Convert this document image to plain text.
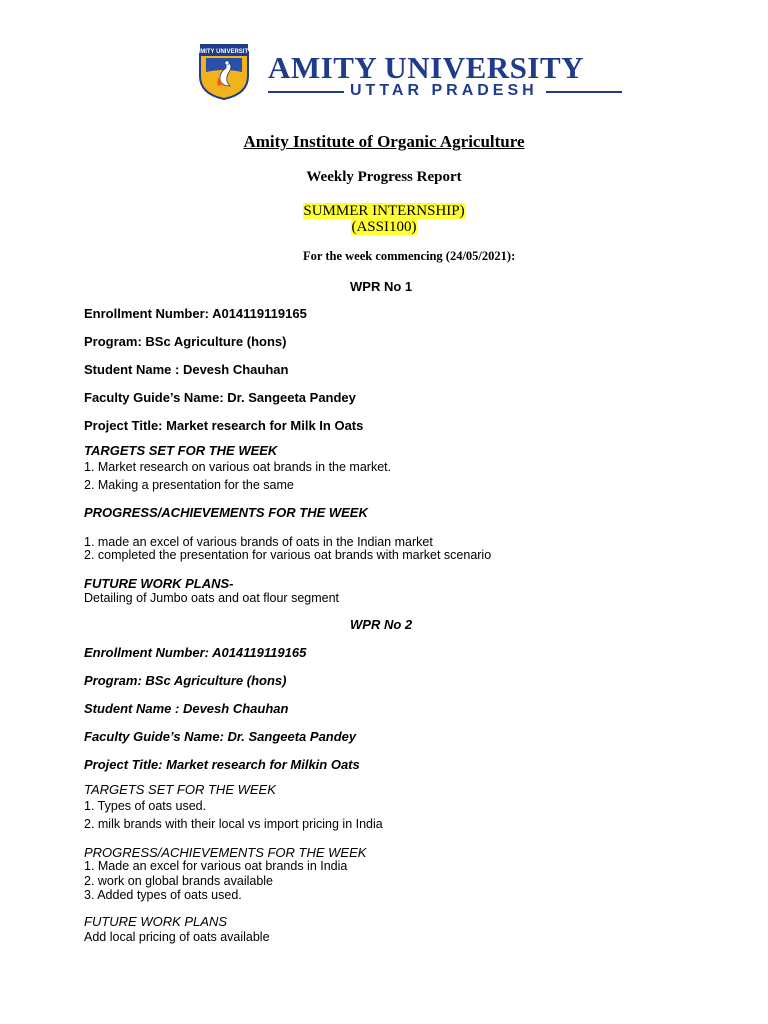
AMITY UNIVERSITY AMITY UNIVERSITY
UTTAR PRADESH
Amity Institute of Organic Agriculture
Weekly Progress Report
SUMMER INTERNSHIP)
(ASSI100)
For the week commencing (24/05/2021):
WPR No 1
Enrollment Number: A014119119165
Program: BSc Agriculture (hons)
Student Name : Devesh Chauhan
Faculty Guide’s Name: Dr. Sangeeta Pandey
Project Title: Market research for Milk In Oats
TARGETS SET FOR THE WEEK
1. Market research on various oat brands in the market.
2. Making a presentation for the same
PROGRESS/ACHIEVEMENTS FOR THE WEEK
1. made an excel of various brands of oats in the Indian market
2. completed the presentation for various oat brands with market scenario
FUTURE WORK PLANS-
Detailing of Jumbo oats and oat flour segment
WPR No 2
Enrollment Number: A014119119165
Program: BSc Agriculture (hons)
Student Name : Devesh Chauhan
Faculty Guide’s Name: Dr. Sangeeta Pandey
Project Title: Market research for Milkin Oats
TARGETS SET FOR THE WEEK
1. Types of oats used.
2. milk brands with their local vs import pricing in India
PROGRESS/ACHIEVEMENTS FOR THE WEEK
1. Made an excel for various oat brands in India
2. work on global brands available
3. Added types of oats used.
FUTURE WORK PLANS
Add local pricing of oats available
